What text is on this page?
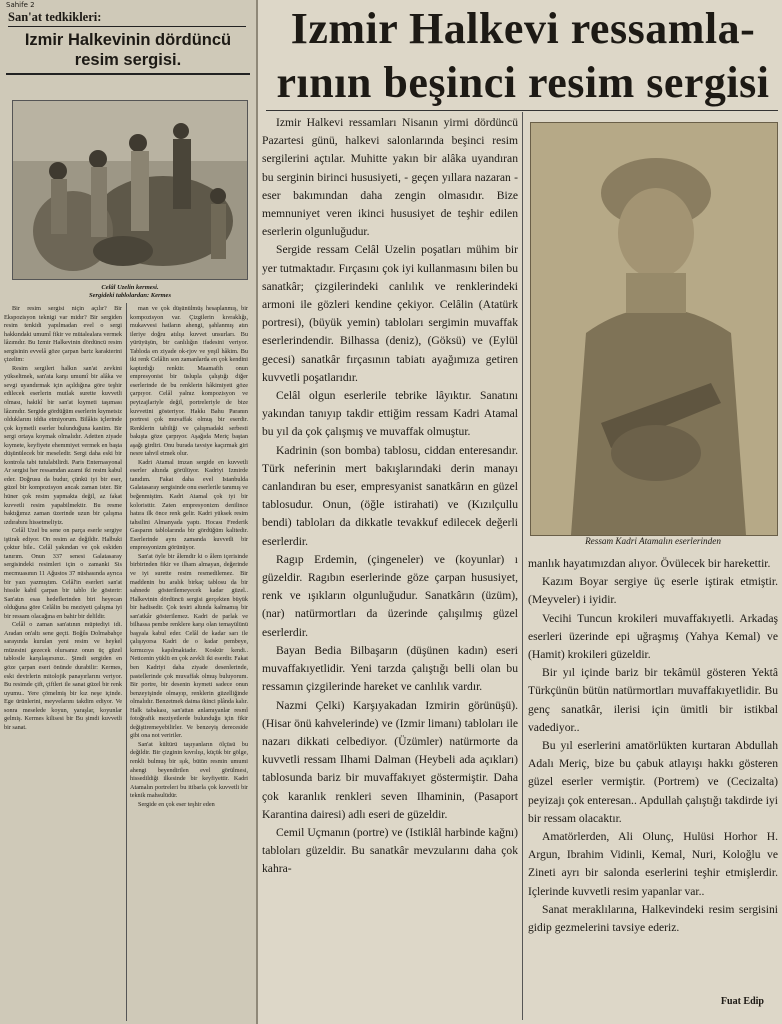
Sahife 2
San'at tedkikleri:
Izmir Halkevinin dördüncü resim sergisi.
Celâl Uzelin kermesi.
Sergideki tablolardan: Kermes

Bir resim sergisi niçin açılır? Bir Ekspozisyon teknigi var midır? Bir sergiden resim tenkidi yapılmadan evel o sergi hakkındaki umumî fikir ve mütalealara vermek lâzımdır. Bu Izmir Halkevinin dördüncü resim sergisinin evvelâ göze çarpan bariz karakterini çizelim:

Resim sergileri halkın san'at zevkini yükseltmek, san'ata karşı umumî bir alâka ve sevgi uyandırmak için açıldığına göre teşhir edilecek eserlerin mutlak surette kuvvetli olması, hakikî bir san'at kıymeti taşıması lâzımdır. Sergide gördüğüm eserlerin kıymetsiz olduklarını iddia etmiyorum. Bilâkis içlerinde çok kıymetli eserler bulunduğuna kaniim. Bir sergi ortaya koymak olmalıdır. Adetten ziyade kıymete, keyfiyete ehemmiyet vermek en başta düşünülecek bir meseledir. Sergi daha eski bir kontrola tabi tutulabilirdi. Paris Enternasyonal Ar sergisi her ressamdan azami iki resim kabul eder. Doğrusu da budur, çünkü iyi bir eser, güzel bir kompozisyon ancak zaman ister. Bir hüner çok resim yapmakta değil, az fakat kuvvetli resim yapabilmektir. Bu resme baktığımız zaman üzerinde uzun bir çalışma ızdırabını hissetmeliyiz.

Celâl Uzel bu sene on parça eserle sergiye iştirak ediyor. On resim az değildir. Halbuki çoktur bile.. Celâl yakından ve çok eskiden tanırım. Onun 337 senesi Galatasaray sergisindeki resimleri için o zamanki Sis mecmuasının 11 Ağustos 37 nüshasında ayrıca bir yazı yazmıştım. Celâl'in eserleri san'at hissile kabil çarpan bir tablo ile gösterir: San'atın esas hedeflerinden biri heyecan olduğuna göre Celâlin bu meziyeti çalışma iyi bir ressam olacağına en bahir bir delildir.

Celâl o zaman san'atının müptediyi idi. Aradan on'altı sene geçti. Boğûs Dolmabahçe sarayında kurulan yeni resim ve heykel müzesini gezecek olursanız onun üç güzel tablosile karşılaşırsınız.. Şimdi sergiden en göze çarpan eseri önünde durabilir: Kermes, eski devirlerin mitolojik panayırlarını veriyor. Bu resimde çift, çiftleri ile sanat güzel bir renk uyumu.. Yere çömelmiş bir kız neşe içinde. Ege ürünlerini, meyvelarını takdim ediyor. Ve sonra meselede koyun, yaraşlar, koyunlar gelmiş. Kermes kilisesi bir Bu şimdi kuvvetli bir sanat.

man ve çok düşünülmüş hesaplanmış, bir kompozisyon var. Çizgilerin kıvraklığı, mukavvesi hatların ahengi, şahlanmış atın ileriye doğru atılışı kuvvet unsurları. Bu yürüyüşün, bir canlılığın ifadesini veriyor. Tabloda en ziyade ok-rjov ve yeşil hâkim. Bu iki renk Celâlin son zamanlarda en çok kendini kaptırdığı renktir. Maamafih onun empresyonist bir üslupla çalıştığı diğer eserlerinde de bu renklerin hâkimiyeti göze çarpıyor. Celâl yalnız kompozisyon ve peyizajlariyle değil, portreleriyle de bize kuvvetini gösteriyor. Hakkı Bahu Paranın portresi çok muvaffak olmuş bir eserdir. Renklerin tabiliği ve çalışmadaki serbesti bakışta göze çarpıyor. Aşağıda Meriç baştan aşağı girdiri. Onu burada tavsiye kaçırmak giri nesre tahvil etmek olur.

Kadri Atamal imzan sergide en kuvvetli eserler altında görülüyor. Kadriyi Izmirde tanıdım. Fakat daha evel Istanbulda Galatasaray sergisinde onu eserlerile tanımış ve beğenmiştim. Kadri Atamal çok iyi bir koloristtir. Zaten empresyonizm denilince hatıra ilk önce renk gelir. Kadri yüksek resim tahsilini Almanyada yaptı. Hocası Frederik Gasparın tablolarında bir gördüğüm kalitedir. Eserlerinde aynı zamanda kuvvetli bir empresyonizm görünüyor.

San'at öyle bir âlemdir ki o âlem içerisinde birbirinden fikir ve ilham almayan, değerinde ve iyi surette resim resmedilemez. Bir maddenin bu aralık birkaç tablosu da bir sahnede gösterilemeyecek kadar güzel.. Halkevinin dördüncü sergisi gerçekten büyük bir hadisedir. Çok tesiri altında kalmamış bir san'atkâr gösterilemez. Kadri de parlak ve bilhassa pembe renklere karşı olan temayülünü başyala kabul eder. Celâl de kadar sarı ile çalışıyorsa Kadri de o kadar pembeye, kırmızıya kapılmaktadır. Koskür kendi.. Neticenin yüklü en çok zevkli iki eserdir. Fakat ben Kadriyi daha ziyade desenlerinde, pastellerinde çok muvaffak olmuş buluyorum. Bir portre, bir desenin kıymeti sadece onun benzeyişinde olmayıp, renklerin güzelliğinde olmalıdır. Benzetmek daima ikinci plânda kalır. Halk tabakası, san'attan anlamıyanlar resmî fotoğrafik meziyetlerde bulunduğu için fikir değiştiremeyebilirler. Ve benzeyiş dereceside gibi ona not veririler.

San'at kültürü taşıyanların ölçüsü bu değildir. Bir çizginin kıvrılışı, küçük bir gölge, renkli bulmuş bir ışık, bütün resmin umumi ahengi beyendirilen evel görülmesi, hissedildiği ilkesinde bir keyfiyettir. Kadri Atamalın portreleri bu itibarla çok kuvvetli bir teknik mahsulüdür.

Sergide en çok eser teşhir eden

Izmir Halkevi ressamla-
rının beşinci resim sergisi

Izmir Halkevi ressamları Nisanın yirmi dördüncü Pazartesi günü, halkevi salonlarında beşinci resim sergilerini açtılar. Muhitte yakın bir alâka uyandıran bu serginin birinci hususiyeti, - geçen yıllara nazaran - eser bakımından daha zengin olmasıdır. Bize memnuniyet veren ikinci hususiyet de teşhir edilen eserlerin olgunluğudur.

Sergide ressam Celâl Uzelin poşatları mühim bir yer tutmaktadır. Fırçasını çok iyi kullanmasını bilen bu sanatkâr; çizgilerindeki canlılık ve renklerindeki armoni ile gözleri kendine çekiyor. Celâlin (Atatürk portresi), (büyük yemin) tabloları sergimin muvaffak eserlerindendir. Bilhassa (deniz), (Göksü) ve (Eylül gecesi) sanatkâr fırçasının tabiatı ayağımıza getiren kuvvetli poşatlarıdır.

Celâl olgun eserlerile tebrike lâyıktır. Sanatını yakından tanıyıp takdir ettiğim ressam Kadri Atamal bu yıl da çok çalışmış ve muvaffak olmuştur.

Kadrinin (son bomba) tablosu, ciddan enteresandır. Türk neferinin mert bakışlarındaki derin manayı canlandıran bu eser, empresyanist sanatkârın en güzel tablosudur. Onun, (öğle istirahati) ve (Kızılçullu bendi) tabloları da dikkatle tevakkuf edilecek değerli eserlerdir.

Ragıp Erdemin, (çingeneler) ve (koyunlar) ı güzeldir. Ragıbın eserlerinde göze çarpan hususiyet, renk ve ışıkların olgunluğudur. Sanatkârın (üzüm), (nar) natürmortları da üzerinde çalışılmış güzel eserlerdir.

Bayan Bedia Bilbaşarın (düşünen kadın) eseri muvaffakıyetlidir. Yeni tarzda çalıştığı belli olan bu ressamın çizgilerinde hareket ve canlılık vardır.

Nazmi Çelki) Karşıyakadan Izmirin görünüşü). (Hisar önü kahvelerinde) ve (Izmir limanı) tabloları ile nazarı dikkati celbediyor. (Üzümler) natürmorte da kuvvetli ressam Ilhami Dalman (Heybeli ada açıkları) tablosunda bariz bir muvaffakıyet göstermiştir. Daha çok karanlık renkleri seven Ilhaminin, (Pasaport Karantina dairesi) adlı eseri de güzeldir.

Cemil Uçmanın (portre) ve (Istiklâl harbinde kağnı) tabloları güzeldir. Bu sanatkâr mevzularını daha çok kahra-

Ressam Kadri Atamalın eserlerinden

manlık hayatımızdan alıyor. Övülecek bir harekettir.

Kazım Boyar sergiye üç eserle iştirak etmiştir. (Meyveler) i iyidir.

Vecihi Tuncun krokileri muvaffakıyetli. Arkadaş eserleri üzerinde epi uğraşmış (Yahya Kemal) ve (Hamit) krokileri güzeldir.

Bir yıl içinde bariz bir tekâmül gösteren Yektâ Türkçünün bütün natürmortları muvaffakıyetlidir. Bu genç sanatkâr, ilerisi için ümitli bir istikbal vadediyor..

Bu yıl eserlerini amatörlükten kurtaran Abdullah Adalı Meriç, bize bu çabuk atlayışı hakkı gösteren güzel eserler vermiştir. (Portrem) ve (Cecizalta) peyizajı çok enteresan.. Apdullah çalıştığı takdirde iyi bir ressam olacaktır.

Amatörlerden, Ali Olunç, Hulüsi Horhor H. Argun, Ibrahim Vidinli, Kemal, Nuri, Koloğlu ve Zineti ayrı bir salonda eserlerini teşhir etmişlerdir. Içlerinde kuvvetli resim yapanlar var..

Sanat meraklılarına, Halkevindeki resim sergisini gidip gezmelerini tavsiye ederiz.

Fuat Edip
